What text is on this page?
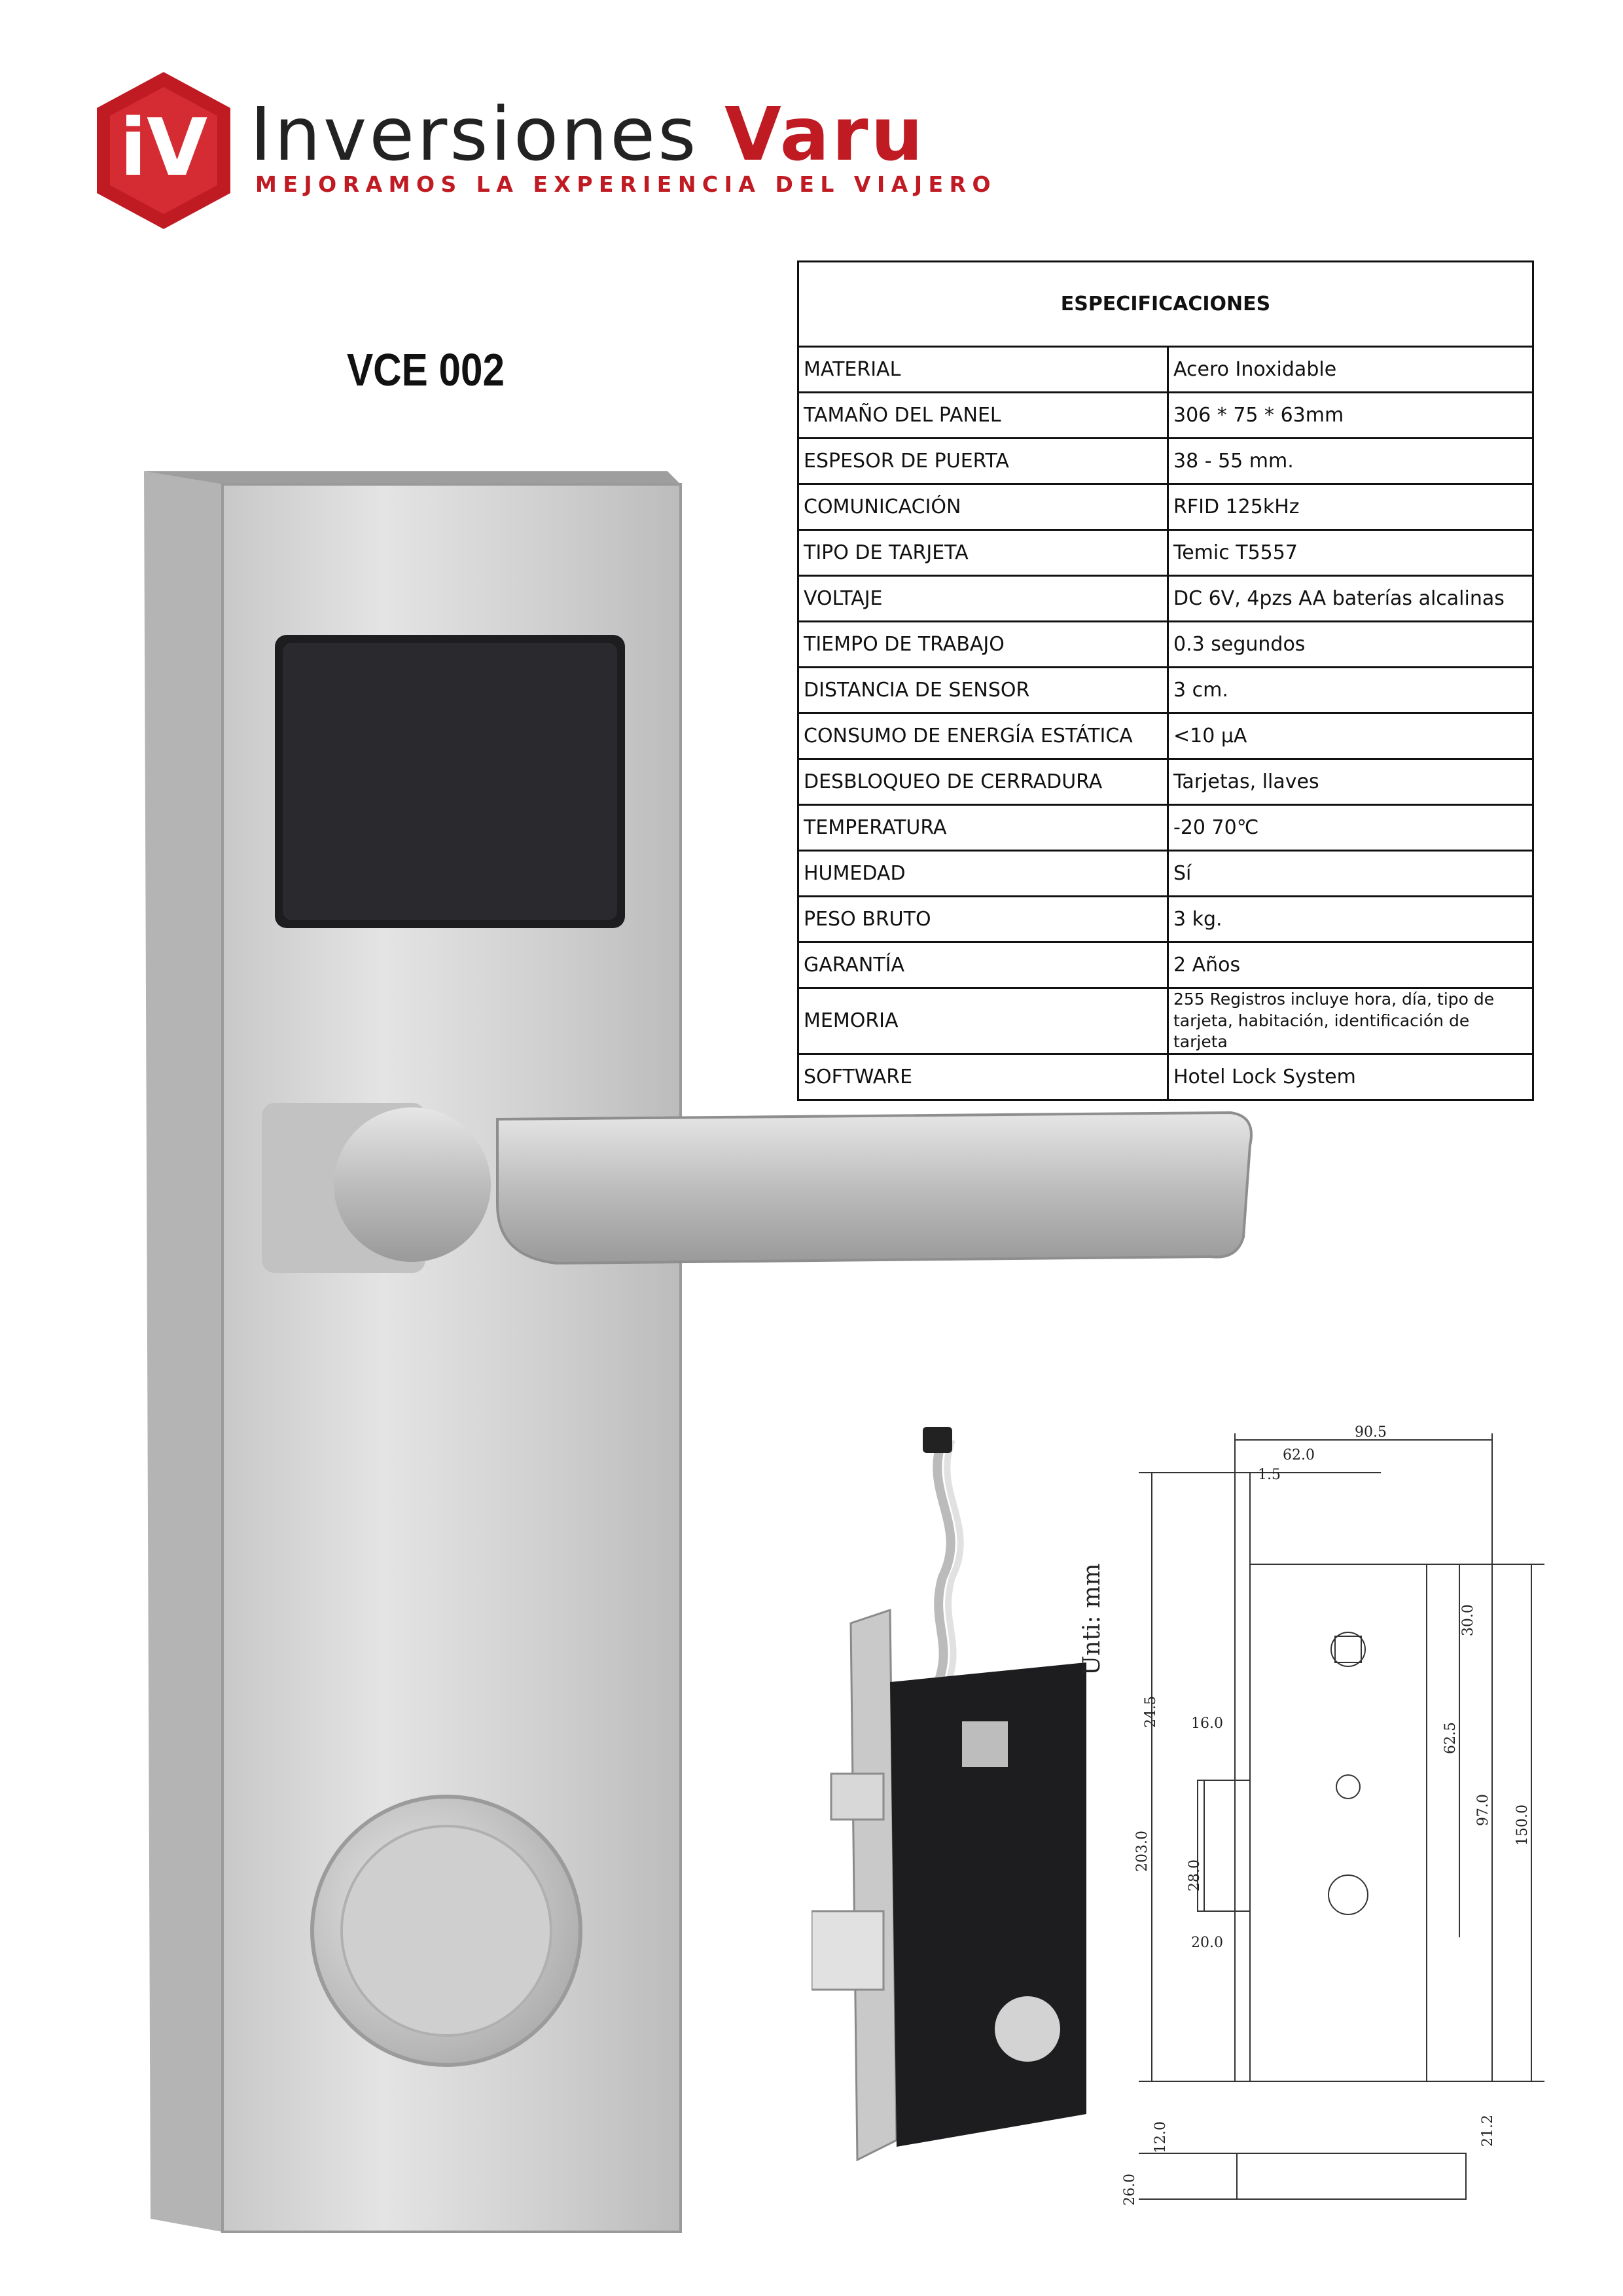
iV Inversiones Varu
MEJORAMOS LA EXPERIENCIA DEL VIAJERO
VCE 002
Unti: mm
90.5
62.0
1.5
24.5 16.0
203.0
28.0
20.0
30.0
62.5
97.0 150.0
12.0	21.2
26.0
ESPECIFICACIONES	
MATERIAL	Acero Inoxidable
TAMAÑO DEL PANEL	306 * 75 * 63mm
ESPESOR DE PUERTA	38 - 55 mm.
COMUNICACIÓN	RFID 125kHz
TIPO DE TARJETA	Temic T5557
VOLTAJE	DC 6V, 4pzs AA baterías alcalinas
TIEMPO DE TRABAJO	0.3 segundos
DISTANCIA DE SENSOR	3 cm.
CONSUMO DE ENERGÍA ESTÁTICA	<10 μA
DESBLOQUEO DE CERRADURA	Tarjetas, llaves
TEMPERATURA	-20 70℃
HUMEDAD	Sí
PESO BRUTO	3 kg.
GARANTÍA	2 Años
MEMORIA	255 Registros incluye hora, día, tipo de tarjeta, habitación, identificación de tarjeta
SOFTWARE	Hotel Lock System
